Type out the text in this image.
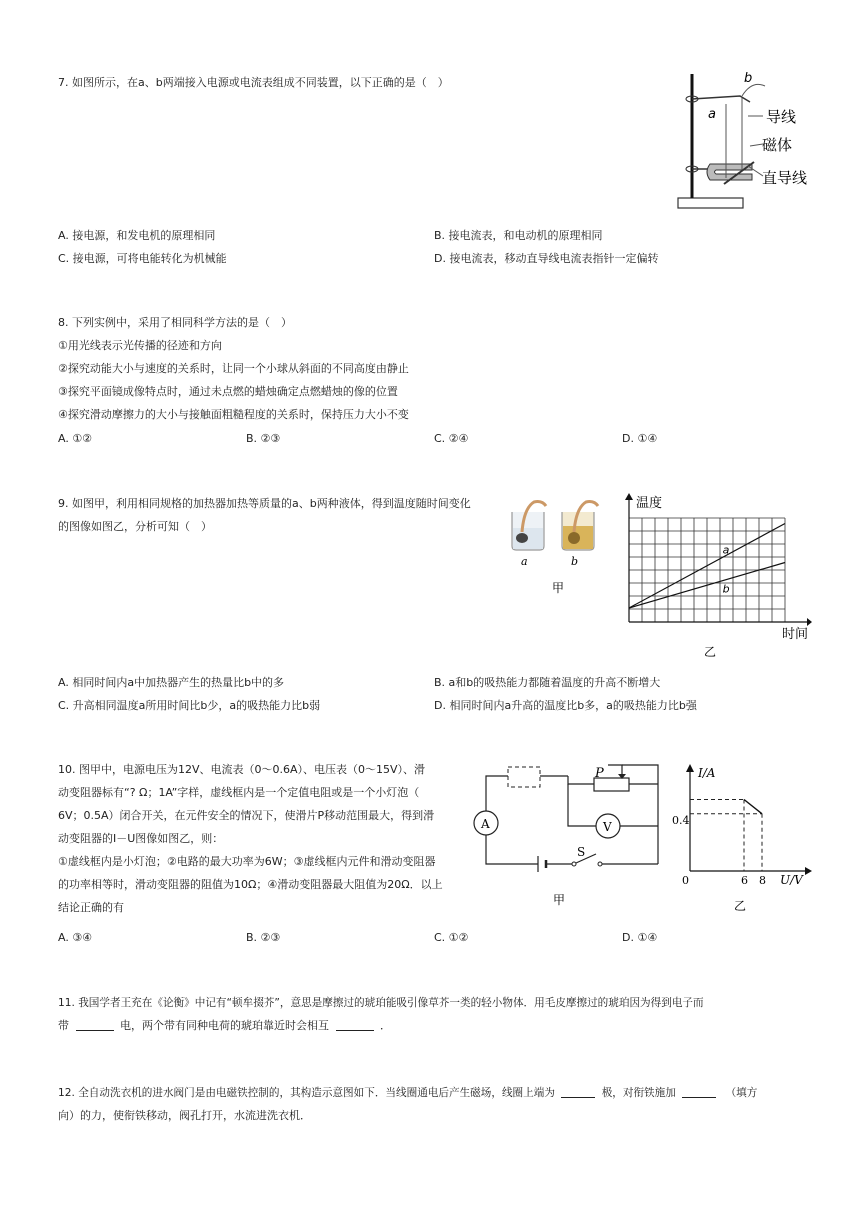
7. 如图所示，在a、b两端接入电源或电流表组成不同装置，以下正确的是（　）	b
a	导线
磁体
直导线
A. 接电源，和发电机的原理相同	B. 接电流表，和电动机的原理相同
C. 接电源，可将电能转化为机械能	D. 接电流表，移动直导线电流表指针一定偏转
8. 下列实例中，采用了相同科学方法的是（　）
①用光线表示光传播的径迹和方向
②探究动能大小与速度的关系时，让同一个小球从斜面的不同高度由静止
③探究平面镜成像特点时，通过未点燃的蜡烛确定点燃蜡烛的像的位置
④探究滑动摩擦力的大小与接触面粗糙程度的关系时，保持压力大小不变
A. ①②	B. ②③	C. ②④	D. ①④
9. 如图甲，利用相同规格的加热器加热等质量的a、b两种液体，得到温度随时间变化
的图像如图乙，分析可知（　）
a	b
甲
a
b
温度
时间
乙
A. 相同时间内a中加热器产生的热量比b中的多	B. a和b的吸热能力都随着温度的升高不断增大
C. 升高相同温度a所用时间比b少，a的吸热能力比b弱	D. 相同时间内a升高的温度比b多，a的吸热能力比b强
10. 图甲中，电源电压为12V、电流表（0～0.6A）、电压表（0～15V）、滑
动变阻器标有“? Ω；1A”字样，虚线框内是一个定值电阻或是一个小灯泡（
6V；0.5A）闭合开关，在元件安全的情况下，使滑片P移动范围最大，得到滑
动变阻器的I－U图像如图乙，则：
①虚线框内是小灯泡；②电路的最大功率为6W；③虚线框内元件和滑动变阻器
的功率相等时，滑动变阻器的阻值为10Ω；④滑动变阻器最大阻值为20Ω．以上
结论正确的有
A	V
P
S
甲
I/A
U/V
0
0.4
6 8
乙
A. ③④	B. ②③	C. ①②	D. ①④
11. 我国学者王充在《论衡》中记有“顿牟掇芥”，意思是摩擦过的琥珀能吸引像草芥一类的轻小物体．用毛皮摩擦过的琥珀因为得到电子而
带	电，两个带有同种电荷的琥珀靠近时会相互	．
12. 全自动洗衣机的进水阀门是由电磁铁控制的，其构造示意图如下．当线圈通电后产生磁场，线圈上端为	极，对衔铁施加	（填方
向）的力，使衔铁移动，阀孔打开，水流进洗衣机．
